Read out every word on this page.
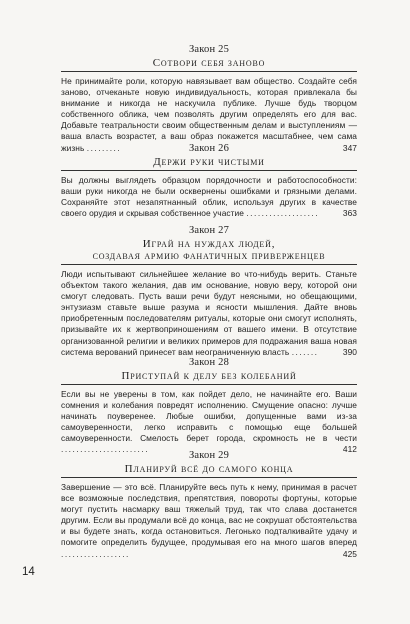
Закон 25
Сотвори себя заново

Не принимайте роли, которую навязывает вам общество. Создайте себя заново, отчеканьте новую индивидуальность, которая привлекала бы внимание и никогда не наскучила публике. Лучше будь творцом собственного облика, чем позволять другим определять его для вас. Добавьте театральности своим общественным делам и выступлениям — ваша власть возрастет, а ваш образ покажется масштабнее, чем сама жизнь .........	347

Закон 26
Держи руки чистыми

Вы должны выглядеть образцом порядочности и работоспособности: ваши руки никогда не были осквернены ошибками и грязными делами. Сохраняйте этот незапятнанный облик, используя других в качестве своего орудия и скрывая собственное участие ...................	363

Закон 27
Играй на нуждах людей,
создавая армию фанатичных приверженцев

Люди испытывают сильнейшее желание во что-нибудь верить. Станьте объектом такого желания, дав им основание, новую веру, которой они смогут следовать. Пусть ваши речи будут неясными, но обещающими, энтузиазм ставьте выше разума и ясности мышления. Дайте вновь приобретенным последователям ритуалы, которые они смогут исполнять, призывайте их к жертвоприношениям от вашего имени. В отсутствие организованной религии и великих примеров для подражания ваша новая система верований принесет вам неограниченную власть .......	390

Закон 28
Приступай к делу без колебаний

Если вы не уверены в том, как пойдет дело, не начинайте его. Ваши сомнения и колебания повредят исполнению. Смущение опасно: лучше начинать поуверенее. Любые ошибки, допущенные вами из-за самоуверенности, легко исправить с помощью еще большей самоуверенности. Смелость берет города, скромность не в чести .......................	412

Закон 29
Планируй всё до самого конца

Завершение — это всё. Планируйте весь путь к нему, принимая в расчет все возможные последствия, препятствия, повороты фортуны, которые могут пустить насмарку ваш тяжелый труд, так что слава достанется другим. Если вы продумали всё до конца, вас не сокрушат обстоятельства и вы будете знать, когда остановиться. Легонько подталкивайте удачу и помогите определить будущее, продумывая его на много шагов вперед ..................	425

14
